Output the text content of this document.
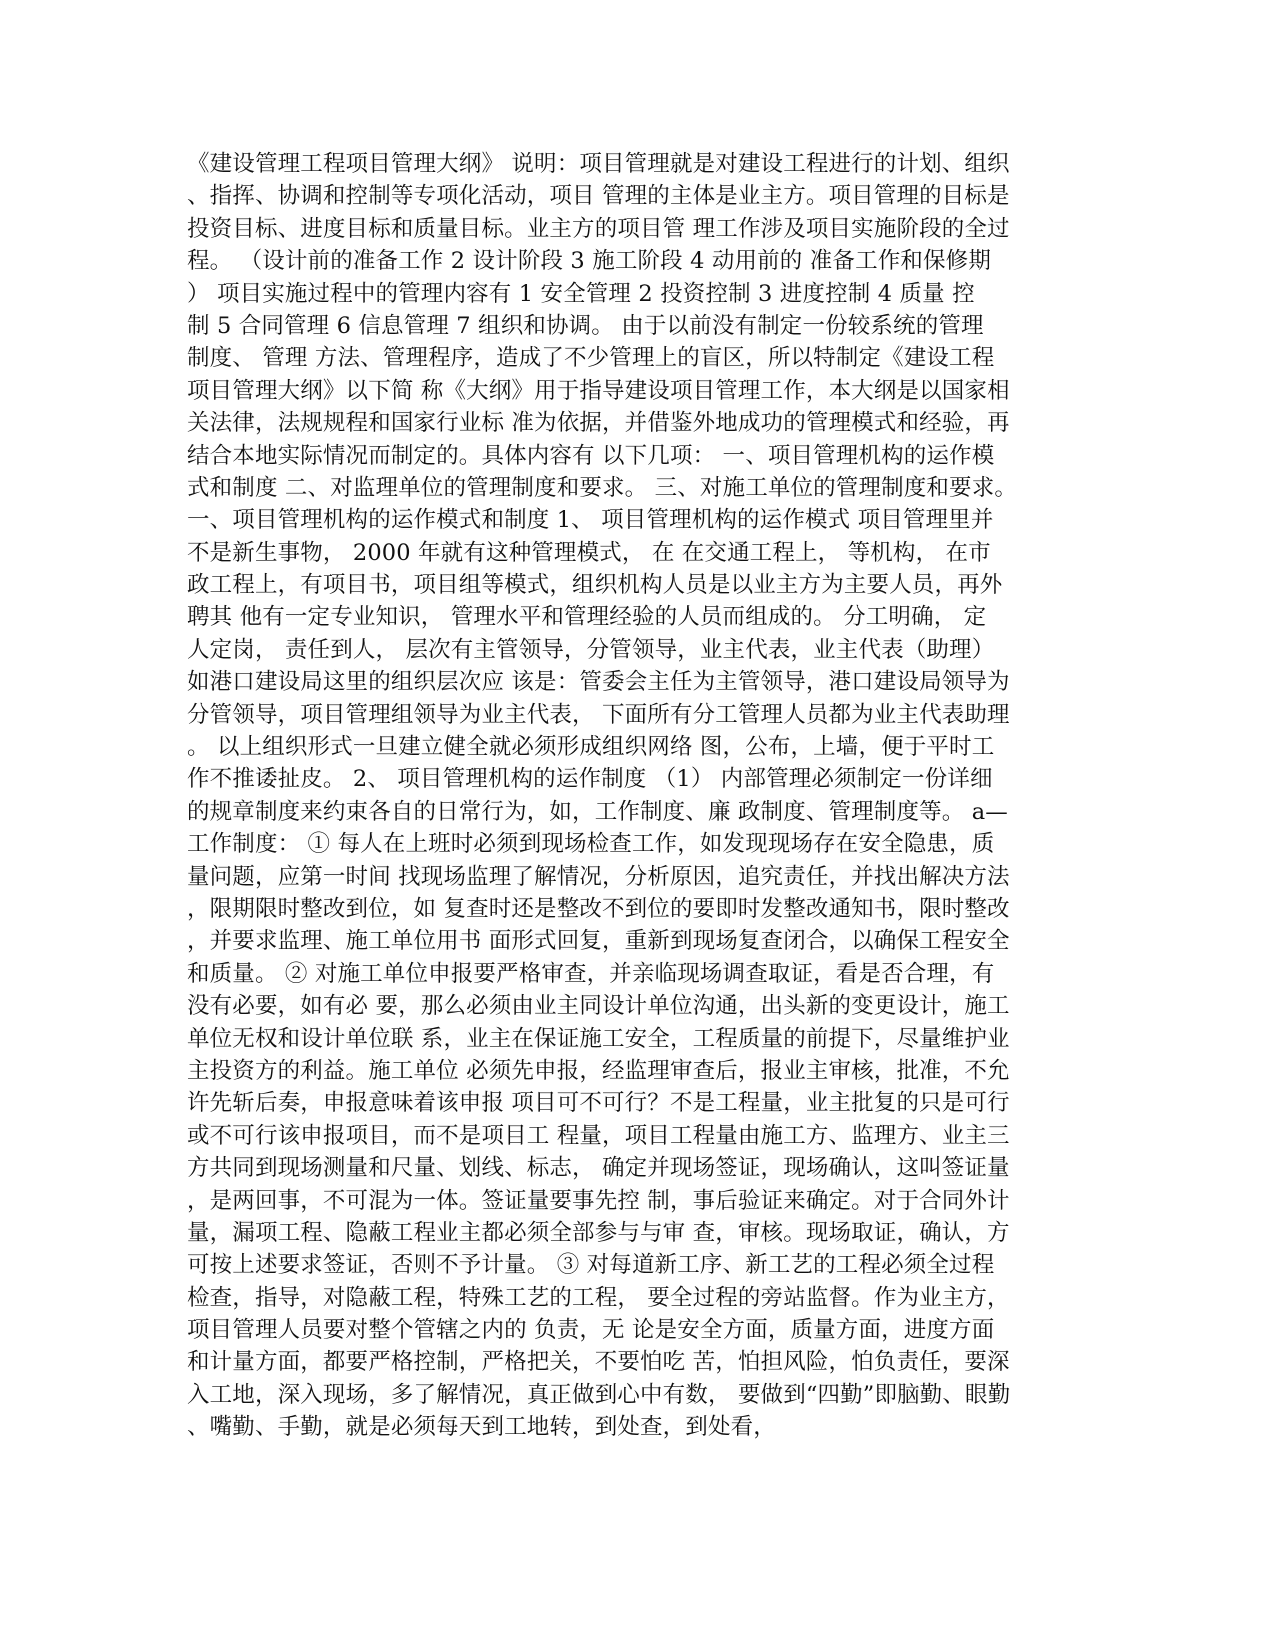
《建设管理工程项目管理大纲》 说明：项目管理就是对建设工程进行的计划、组织
、指挥、协调和控制等专项化活动，项目 管理的主体是业主方。项目管理的目标是
投资目标、进度目标和质量目标。业主方的项目管 理工作涉及项目实施阶段的全过
程。 （设计前的准备工作 2 设计阶段 3 施工阶段 4 动用前的 准备工作和保修期
） 项目实施过程中的管理内容有 1 安全管理 2 投资控制 3 进度控制 4 质量 控
制 5 合同管理 6 信息管理 7 组织和协调。 由于以前没有制定一份较系统的管理
制度、 管理 方法、管理程序，造成了不少管理上的盲区，所以特制定《建设工程
项目管理大纲》以下简 称《大纲》用于指导建设项目管理工作，本大纲是以国家相
关法律，法规规程和国家行业标 准为依据，并借鉴外地成功的管理模式和经验，再
结合本地实际情况而制定的。具体内容有 以下几项： 一、项目管理机构的运作模
式和制度 二、对监理单位的管理制度和要求。 三、对施工单位的管理制度和要求。
一、项目管理机构的运作模式和制度 1、 项目管理机构的运作模式 项目管理里并
不是新生事物， 2000 年就有这种管理模式， 在 在交通工程上， 等机构， 在市
政工程上，有项目书，项目组等模式，组织机构人员是以业主方为主要人员，再外
聘其 他有一定专业知识， 管理水平和管理经验的人员而组成的。 分工明确， 定
人定岗， 责任到人， 层次有主管领导，分管领导，业主代表，业主代表（助理）
如港口建设局这里的组织层次应 该是：管委会主任为主管领导，港口建设局领导为
分管领导，项目管理组领导为业主代表， 下面所有分工管理人员都为业主代表助理
。 以上组织形式一旦建立健全就必须形成组织网络 图，公布，上墙，便于平时工
作不推诿扯皮。 2、 项目管理机构的运作制度 （1） 内部管理必须制定一份详细
的规章制度来约束各自的日常行为，如，工作制度、廉 政制度、管理制度等。 a—
工作制度： ① 每人在上班时必须到现场检查工作，如发现现场存在安全隐患，质
量问题，应第一时间 找现场监理了解情况，分析原因，追究责任，并找出解决方法
，限期限时整改到位，如 复查时还是整改不到位的要即时发整改通知书，限时整改
，并要求监理、施工单位用书 面形式回复，重新到现场复查闭合，以确保工程安全
和质量。 ② 对施工单位申报要严格审查，并亲临现场调查取证，看是否合理，有
没有必要，如有必 要，那么必须由业主同设计单位沟通，出头新的变更设计，施工
单位无权和设计单位联 系，业主在保证施工安全，工程质量的前提下，尽量维护业
主投资方的利益。施工单位 必须先申报，经监理审查后，报业主审核，批准，不允
许先斩后奏，申报意味着该申报 项目可不可行？不是工程量，业主批复的只是可行
或不可行该申报项目，而不是项目工 程量，项目工程量由施工方、监理方、业主三
方共同到现场测量和尺量、划线、标志， 确定并现场签证，现场确认，这叫签证量
，是两回事，不可混为一体。签证量要事先控 制，事后验证来确定。对于合同外计
量，漏项工程、隐蔽工程业主都必须全部参与与审 查，审核。现场取证，确认，方
可按上述要求签证，否则不予计量。 ③ 对每道新工序、新工艺的工程必须全过程
检查，指导，对隐蔽工程，特殊工艺的工程， 要全过程的旁站监督。作为业主方，
项目管理人员要对整个管辖之内的 负责，无 论是安全方面，质量方面，进度方面
和计量方面，都要严格控制，严格把关，不要怕吃 苦，怕担风险，怕负责任，要深
入工地，深入现场，多了解情况，真正做到心中有数， 要做到“四勤”即脑勤、眼勤
、嘴勤、手勤，就是必须每天到工地转，到处查，到处看，
